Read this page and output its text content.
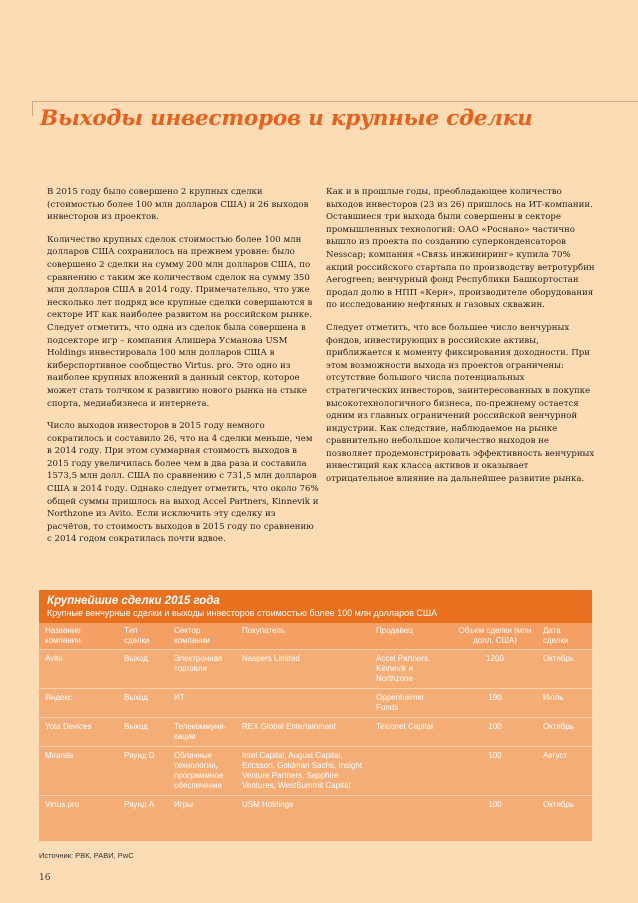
Выходы инвесторов и крупные сделки

В 2015 году было совершено 2 крупных сделки (стоимостью более 100 млн долларов США) и 26 выходов инвесторов из проектов.

Количество крупных сделок стоимостью более 100 млн долларов США сохранилось на прежнем уровне: было совершено 2 сделки на сумму 200 млн долларов США, по сравнению с таким же количеством сделок на сумму 350 млн долларов США в 2014 году. Примечательно, что уже несколько лет подряд все крупные сделки совершаются в секторе ИТ как наиболее развитом на российском рынке. Следует отметить, что одна из сделок была совершена в подсекторе игр – компания Алишера Усманова USM Holdings инвестировала 100 млн долларов США в киберспортивное сообщество Virtus. pro. Это одно из наиболее крупных вложений в данный сектор, которое может стать толчком к развитию нового рынка на стыке спорта, медиабизнеса и интернета.

Число выходов инвесторов в 2015 году немного сократилось и составило 26, что на 4 сделки меньше, чем в 2014 году. При этом суммарная стоимость выходов в 2015 году увеличилась более чем в два раза и составила 1573,5 млн долл. США по сравнению с 731,5 млн долларов США в 2014 году. Однако следует отметить, что около 76% общей суммы пришлось на выход Accel Partners, Kinnevik и Northzone из Avito. Если исключить эту сделку из расчётов, то стоимость выходов в 2015 году по сравнению с 2014 годом сократилась почти вдвое.

Как и в прошлые годы, преобладающее количество выходов инвесторов (23 из 26) пришлось на ИТ-компании. Оставшиеся три выхода были совершены в секторе промышленных технологий: ОАО «Роснано» частично вышло из проекта по созданию суперконденсаторов Nesscap; компания «Связь инжиниринг» купила 70% акций российского стартапа по производству ветротурбин Aerogreen; венчурный фонд Республики Башкортостан продал долю в НПП «Керн», производителе оборудования по исследованию нефтяных и газовых скважин.

Следует отметить, что все большее число венчурных фондов, инвестирующих в российские активы, приближается к моменту фиксирования доходности. При этом возможности выхода из проектов ограничены: отсутствие большого числа потенциальных стратегических инвесторов, заинтересованных в покупке высокотехнологичного бизнеса, по-прежнему остается одним из главных ограничений российской венчурной индустрии. Как следствие, наблюдаемое на рынке сравнительно небольшое количество выходов не позволяет продемонстрировать эффективность венчурных инвестиций как класса активов и оказывает отрицательное влияние на дальнейшее развитие рынка.

Крупнейшие сделки 2015 года
Крупные венчурные сделки и выходы инвесторов стоимостью более 100 млн долларов США
Название компании	Тип сделки	Сектор компании	Покупатель	Продавец	Объем сделки (млн долл. США)	Дата сделки
Avito	Выход	Электронная торговля	Naspers Limited	Accel Partners, Kinnevik и Northzone	1200	Октябрь
Яндекс	Выход	ИТ		Oppenheimer Funds	190	Июль
Yota Devices	Выход	Телекоммуни-кации	REX Global Entertainment	Telconet Capital	100	Октябрь
Mirantis	Раунд D	Облачные технологии, программное обеспечение	Intel Capital, August Capital, Ericsson, Goldman Sachs, Insight Venture Partners, Sapphire Ventures, WestSummit Capital		100	Август
Virtus.pro	Раунд A	Игры	USM Holdings		100	Октябрь
Источник: РВК, РАВИ, PwC
16
